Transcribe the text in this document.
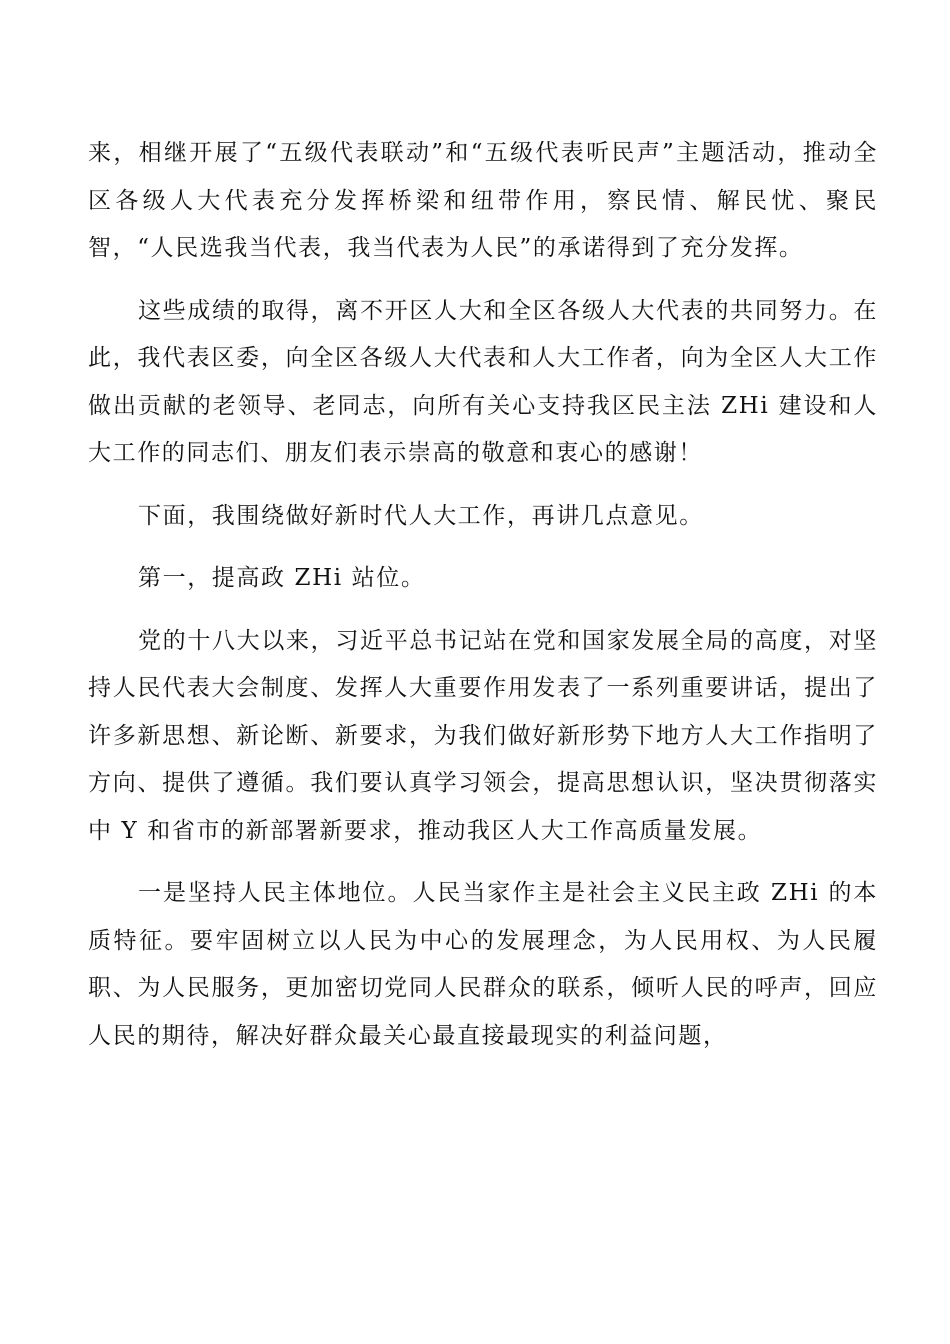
来，相继开展了“五级代表联动”和“五级代表听民声”主题活动，推动全区各级人大代表充分发挥桥梁和纽带作用，察民情、解民忧、聚民智，“人民选我当代表，我当代表为人民”的承诺得到了充分发挥。

这些成绩的取得，离不开区人大和全区各级人大代表的共同努力。在此，我代表区委，向全区各级人大代表和人大工作者，向为全区人大工作做出贡献的老领导、老同志，向所有关心支持我区民主法 ZHi 建设和人大工作的同志们、朋友们表示崇高的敬意和衷心的感谢！

下面，我围绕做好新时代人大工作，再讲几点意见。

第一，提高政 ZHi 站位。

党的十八大以来，习近平总书记站在党和国家发展全局的高度，对坚持人民代表大会制度、发挥人大重要作用发表了一系列重要讲话，提出了许多新思想、新论断、新要求，为我们做好新形势下地方人大工作指明了方向、提供了遵循。我们要认真学习领会，提高思想认识，坚决贯彻落实中 Y 和省市的新部署新要求，推动我区人大工作高质量发展。

一是坚持人民主体地位。人民当家作主是社会主义民主政 ZHi 的本质特征。要牢固树立以人民为中心的发展理念，为人民用权、为人民履职、为人民服务，更加密切党同人民群众的联系，倾听人民的呼声，回应人民的期待，解决好群众最关心最直接最现实的利益问题，
